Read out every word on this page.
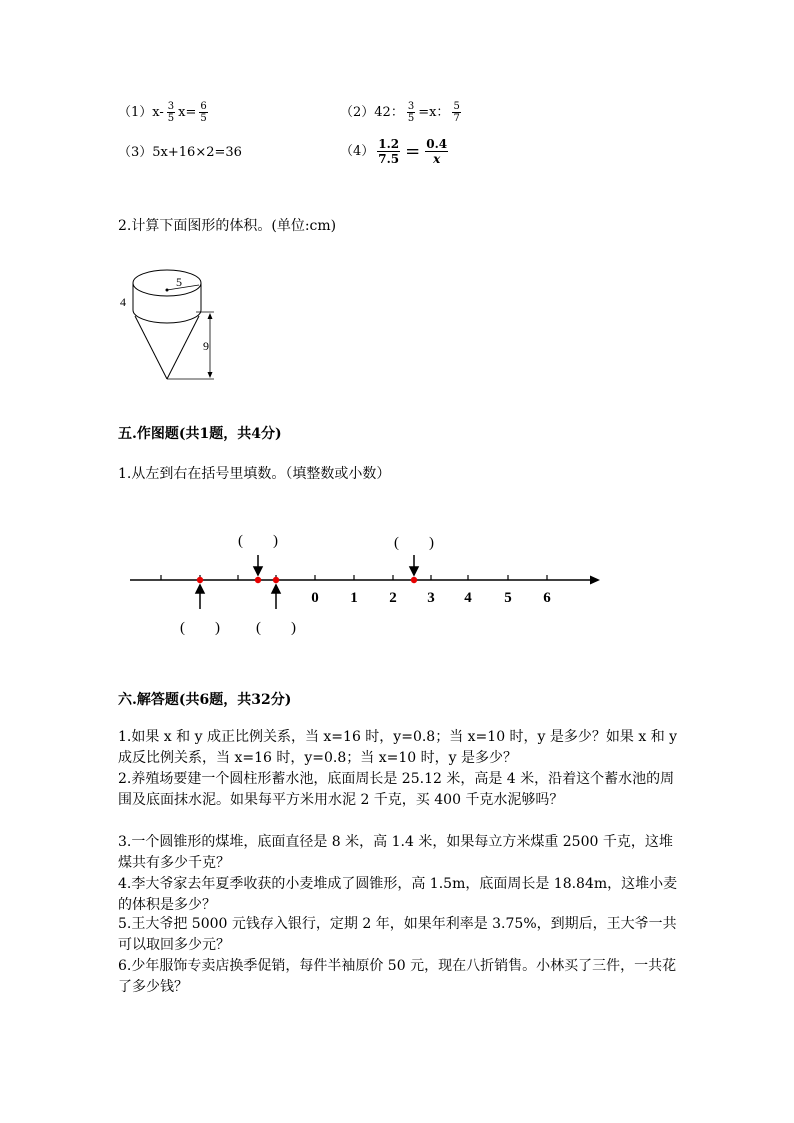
$(1)x- \frac{3}{5} x= \frac{6}{5}$	（2）42： $\frac{3}{5} =x$： $\frac{5}{7}$
（3）5x+16×2=36	$(4) \frac{1.2}{7.5} = \frac{0.4}{x}$
2.计算下面图形的体积。(单位:cm)
5
4
9
五.作图题(共1题，共4分)
1.从左到右在括号里填数。（填整数或小数）
0 1 2 3 4 5 6
(　　)	(　　)
(　　) (　　)
六.解答题(共6题，共32分)
1.如果 x 和 y 成正比例关系，当 x=16 时，y=0.8；当 x=10 时，y 是多少？如果 x 和 y 成反比例关系，当 x=16 时，y=0.8；当 x=10 时，y 是多少？
2.养殖场要建一个圆柱形蓄水池，底面周长是 25.12 米，高是 4 米，沿着这个蓄水池的周围及底面抹水泥。如果每平方米用水泥 2 千克，买 400 千克水泥够吗？
3.一个圆锥形的煤堆，底面直径是 8 米，高 1.4 米，如果每立方米煤重 2500 千克，这堆煤共有多少千克？
4.李大爷家去年夏季收获的小麦堆成了圆锥形，高 1.5m，底面周长是 18.84m，这堆小麦的体积是多少？
5.王大爷把 5000 元钱存入银行，定期 2 年，如果年利率是 3.75%，到期后，王大爷一共可以取回多少元？
6.少年服饰专卖店换季促销，每件半袖原价 50 元，现在八折销售。小林买了三件，一共花了多少钱？
